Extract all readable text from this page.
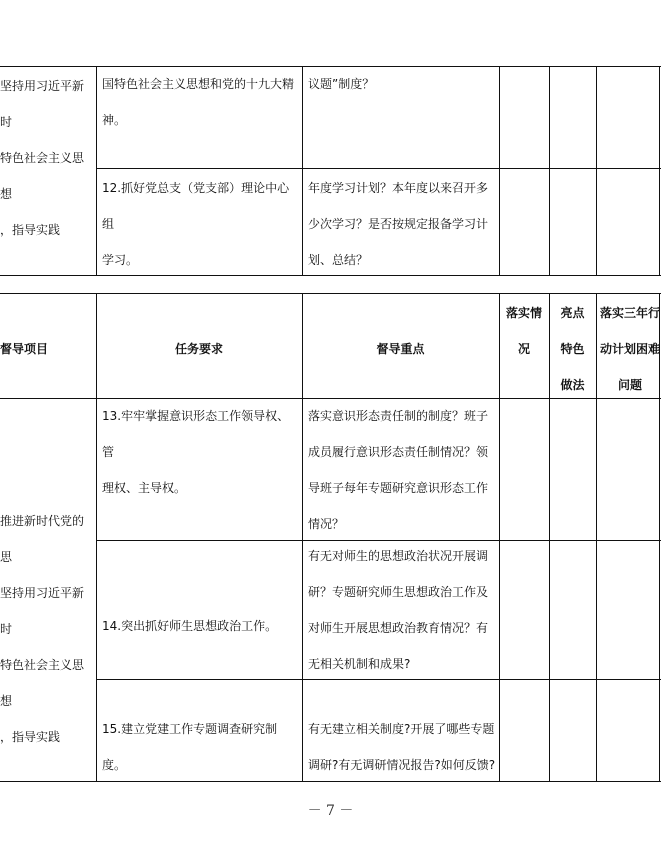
坚持用习近平新时
特色社会主义思想
，指导实践
国特色社会主义思想和党的十九大精
神。
议题”制度？
12.抓好党总支（党支部）理论中心组
学习。
年度学习计划？本年度以来召开多
少次学习？是否按规定报备学习计
划、总结？
督导项目	任务要求	督导重点
落实情
况
亮点
特色
做法
落实三年行
动计划困难
问题
推进新时代党的思
坚持用习近平新时
特色社会主义思想
，指导实践
13.牢牢掌握意识形态工作领导权、管
理权、主导权。
落实意识形态责任制的制度？班子
成员履行意识形态责任制情况？领
导班子每年专题研究意识形态工作
情况？
14.突出抓好师生思想政治工作。
有无对师生的思想政治状况开展调
研？专题研究师生思想政治工作及
对师生开展思想政治教育情况？有
无相关机制和成果?
15.建立党建工作专题调查研究制度。
有无建立相关制度?开展了哪些专题
调研?有无调研情况报告?如何反馈?
－ 7 －
